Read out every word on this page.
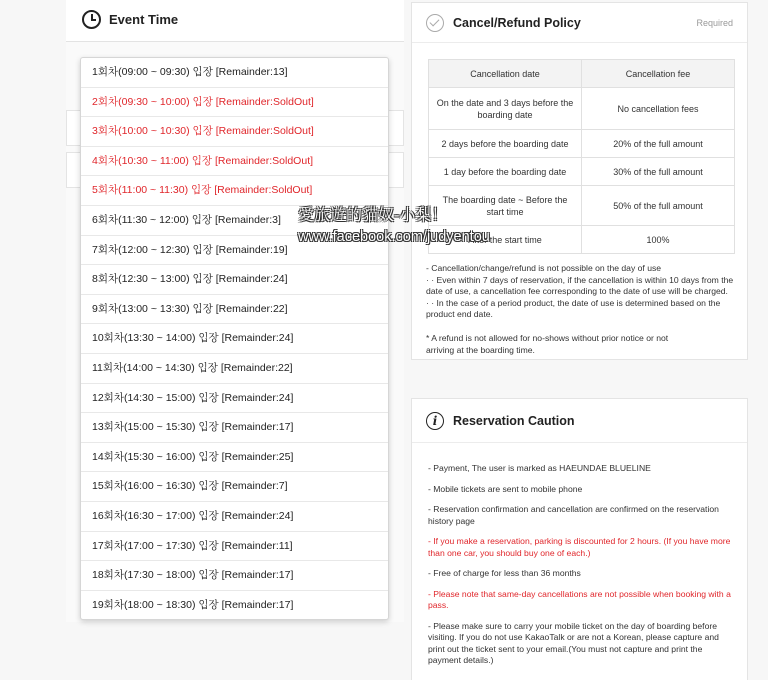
Event Time
1회차(09:00 ~ 09:30) 입장 [Remainder:13]
2회차(09:30 ~ 10:00) 입장 [Remainder:SoldOut]
3회차(10:00 ~ 10:30) 입장 [Remainder:SoldOut]
4회차(10:30 ~ 11:00) 입장 [Remainder:SoldOut]
5회차(11:00 ~ 11:30) 입장 [Remainder:SoldOut]
6회차(11:30 ~ 12:00) 입장 [Remainder:3]
7회차(12:00 ~ 12:30) 입장 [Remainder:19]
8회차(12:30 ~ 13:00) 입장 [Remainder:24]
9회차(13:00 ~ 13:30) 입장 [Remainder:22]
10회차(13:30 ~ 14:00) 입장 [Remainder:24]
11회차(14:00 ~ 14:30) 입장 [Remainder:22]
12회차(14:30 ~ 15:00) 입장 [Remainder:24]
13회차(15:00 ~ 15:30) 입장 [Remainder:17]
14회차(15:30 ~ 16:00) 입장 [Remainder:25]
15회차(16:00 ~ 16:30) 입장 [Remainder:7]
16회차(16:30 ~ 17:00) 입장 [Remainder:24]
17회차(17:00 ~ 17:30) 입장 [Remainder:11]
18회차(17:30 ~ 18:00) 입장 [Remainder:17]
19회차(18:00 ~ 18:30) 입장 [Remainder:17]
Cancel/Refund Policy	Required
Cancellation date	Cancellation fee
On the date and 3 days before the boarding date	No cancellation fees
2 days before the boarding date	20% of the full amount
1 day before the boarding date	30% of the full amount
The boarding date ~ Before the start time	50% of the full amount
After the start time	100%

- Cancellation/change/refund is not possible on the day of use

· · Even within 7 days of reservation, if the cancellation is within 10 days from the date of use, a cancellation fee corresponding to the date of use will be charged.

· · In the case of a period product, the date of use is determined based on the product end date.

* A refund is not allowed for no-shows without prior notice or not arriving at the boarding time.

i	Reservation Caution
- Payment, The user is marked as HAEUNDAE BLUELINE
- Mobile tickets are sent to mobile phone
- Reservation confirmation and cancellation are confirmed on the reservation history page
- If you make a reservation, parking is discounted for 2 hours. (If you have more than one car, you should buy one of each.)
- Free of charge for less than 36 months
- Please note that same-day cancellations are not possible when booking with a pass.
- Please make sure to carry your mobile ticket on the day of boarding before visiting. If you do not use KakaoTalk or are not a Korean, please capture and print out the ticket sent to your email.(You must not capture and print the payment details.)
愛旅遊的貓奴-小梨！
www.facebook.com/judyentou
